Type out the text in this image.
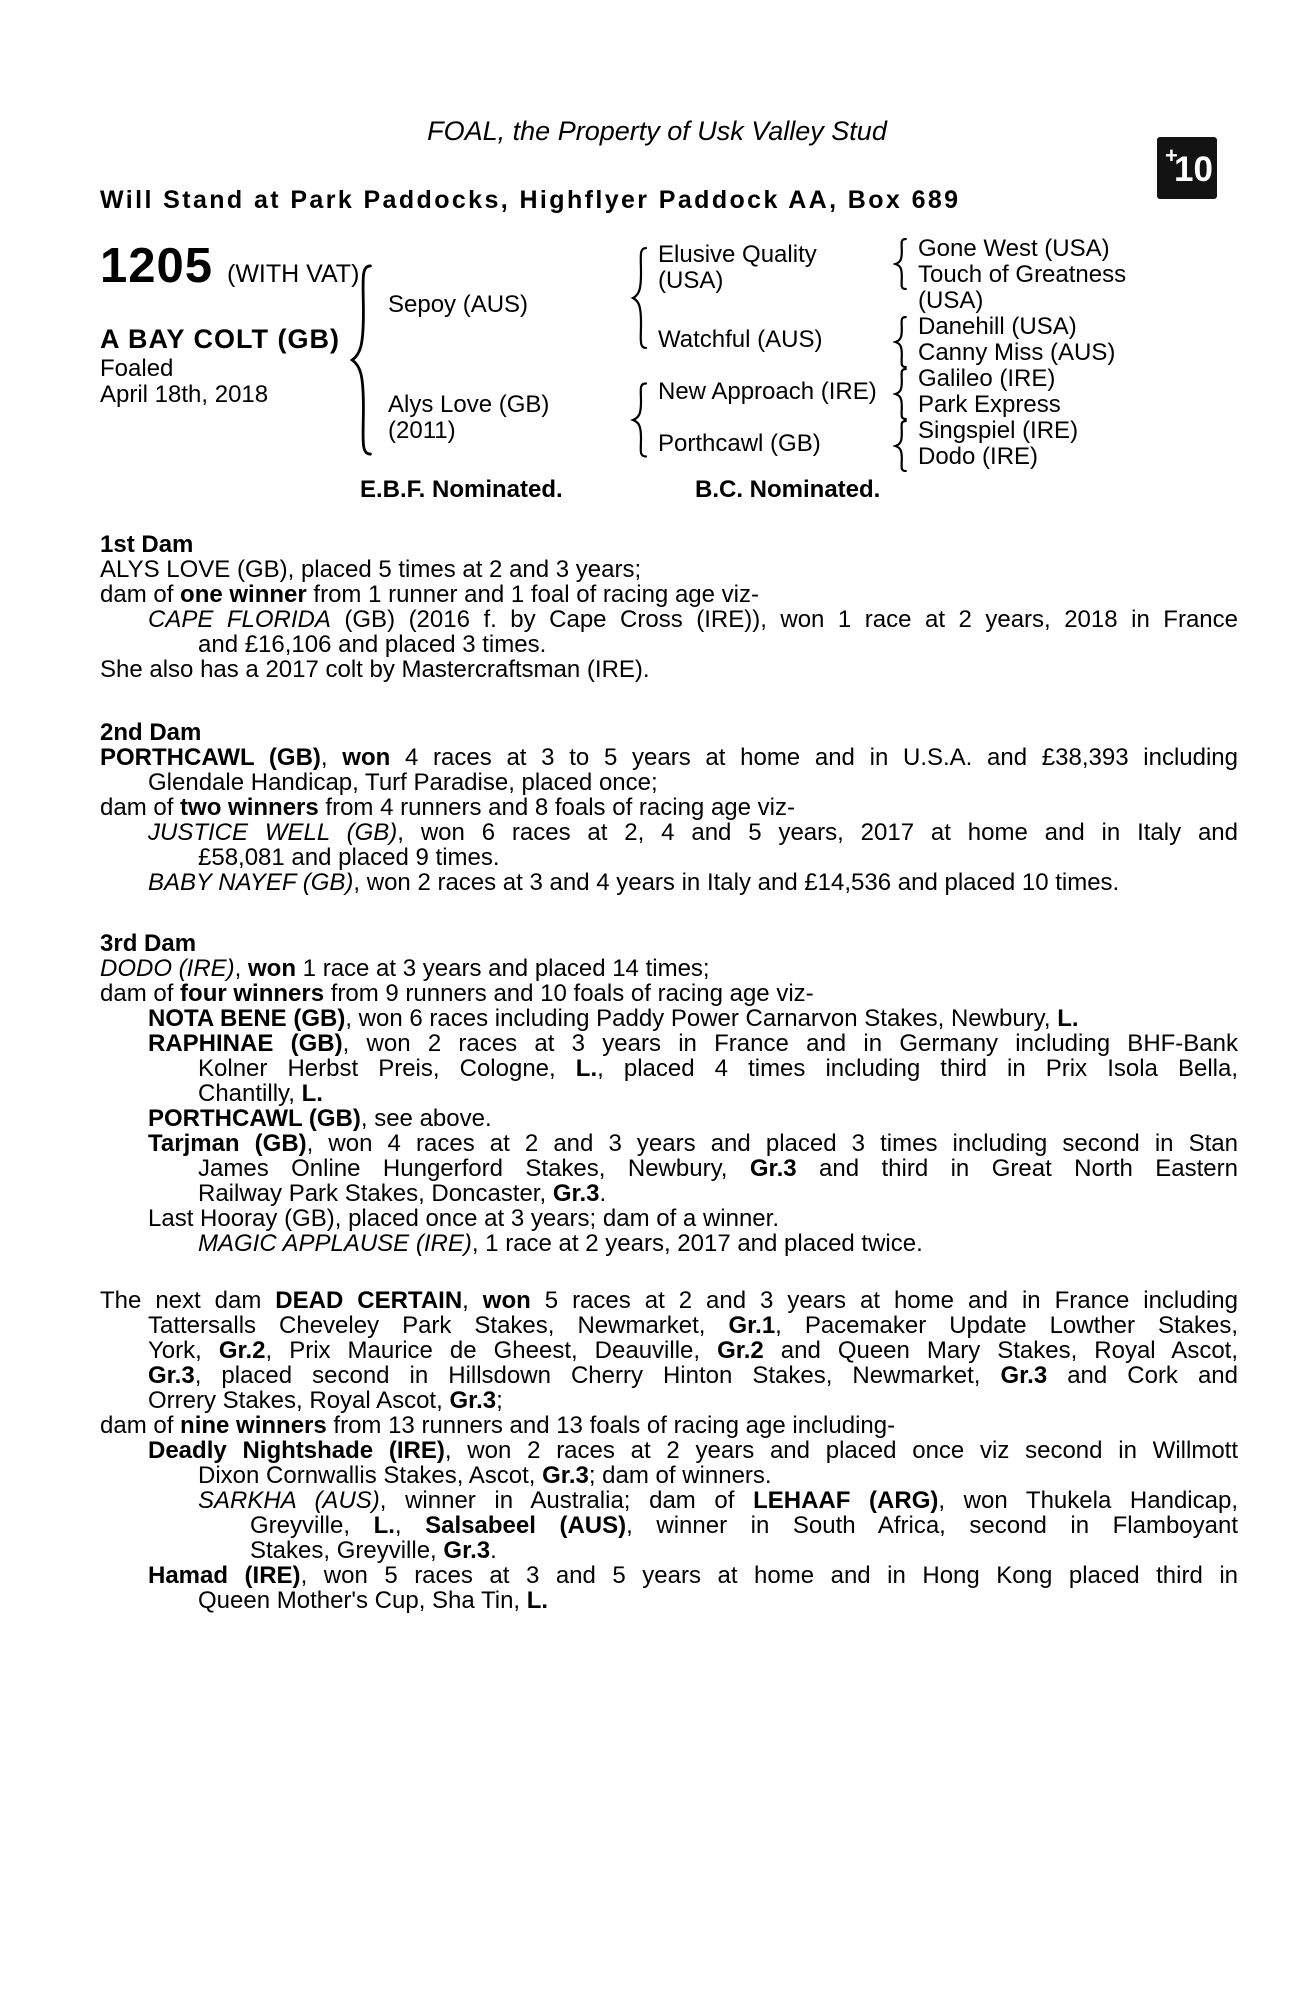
FOAL, the Property of Usk Valley Stud
Will Stand at Park Paddocks, Highflyer Paddock AA, Box 689
+
10
1205 (WITH VAT)
A BAY COLT (GB)
Foaled
April 18th, 2018
Sepoy (AUS)
Alys Love (GB)
(2011)
Elusive Quality
(USA)
Watchful (AUS)
New Approach (IRE)
Porthcawl (GB)
Gone West (USA)
Touch of Greatness
(USA)
Danehill (USA)
Canny Miss (AUS)
Galileo (IRE)
Park Express
Singspiel (IRE)
Dodo (IRE)
E.B.F. Nominated.	B.C. Nominated.
1st Dam
ALYS LOVE (GB), placed 5 times at 2 and 3 years;
dam of one winner from 1 runner and 1 foal of racing age viz-
CAPE FLORIDA (GB) (2016 f. by Cape Cross (IRE)), won 1 race at 2 years, 2018 in France
and £16,106 and placed 3 times.
She also has a 2017 colt by Mastercraftsman (IRE).
2nd Dam
PORTHCAWL (GB), won 4 races at 3 to 5 years at home and in U.S.A. and £38,393 including
Glendale Handicap, Turf Paradise, placed once;
dam of two winners from 4 runners and 8 foals of racing age viz-
JUSTICE WELL (GB), won 6 races at 2, 4 and 5 years, 2017 at home and in Italy and
£58,081 and placed 9 times.
BABY NAYEF (GB), won 2 races at 3 and 4 years in Italy and £14,536 and placed 10 times.
3rd Dam
DODO (IRE), won 1 race at 3 years and placed 14 times;
dam of four winners from 9 runners and 10 foals of racing age viz-
NOTA BENE (GB), won 6 races including Paddy Power Carnarvon Stakes, Newbury, L.
RAPHINAE (GB), won 2 races at 3 years in France and in Germany including BHF-Bank
Kolner Herbst Preis, Cologne, L., placed 4 times including third in Prix Isola Bella,
Chantilly, L.
PORTHCAWL (GB), see above.
Tarjman (GB), won 4 races at 2 and 3 years and placed 3 times including second in Stan
James Online Hungerford Stakes, Newbury, Gr.3 and third in Great North Eastern
Railway Park Stakes, Doncaster, Gr.3.
Last Hooray (GB), placed once at 3 years; dam of a winner.
MAGIC APPLAUSE (IRE), 1 race at 2 years, 2017 and placed twice.
The next dam DEAD CERTAIN, won 5 races at 2 and 3 years at home and in France including
Tattersalls Cheveley Park Stakes, Newmarket, Gr.1, Pacemaker Update Lowther Stakes,
York, Gr.2, Prix Maurice de Gheest, Deauville, Gr.2 and Queen Mary Stakes, Royal Ascot,
Gr.3, placed second in Hillsdown Cherry Hinton Stakes, Newmarket, Gr.3 and Cork and
Orrery Stakes, Royal Ascot, Gr.3;
dam of nine winners from 13 runners and 13 foals of racing age including-
Deadly Nightshade (IRE), won 2 races at 2 years and placed once viz second in Willmott
Dixon Cornwallis Stakes, Ascot, Gr.3; dam of winners.
SARKHA (AUS), winner in Australia; dam of LEHAAF (ARG), won Thukela Handicap,
Greyville, L., Salsabeel (AUS), winner in South Africa, second in Flamboyant
Stakes, Greyville, Gr.3.
Hamad (IRE), won 5 races at 3 and 5 years at home and in Hong Kong placed third in
Queen Mother's Cup, Sha Tin, L.
